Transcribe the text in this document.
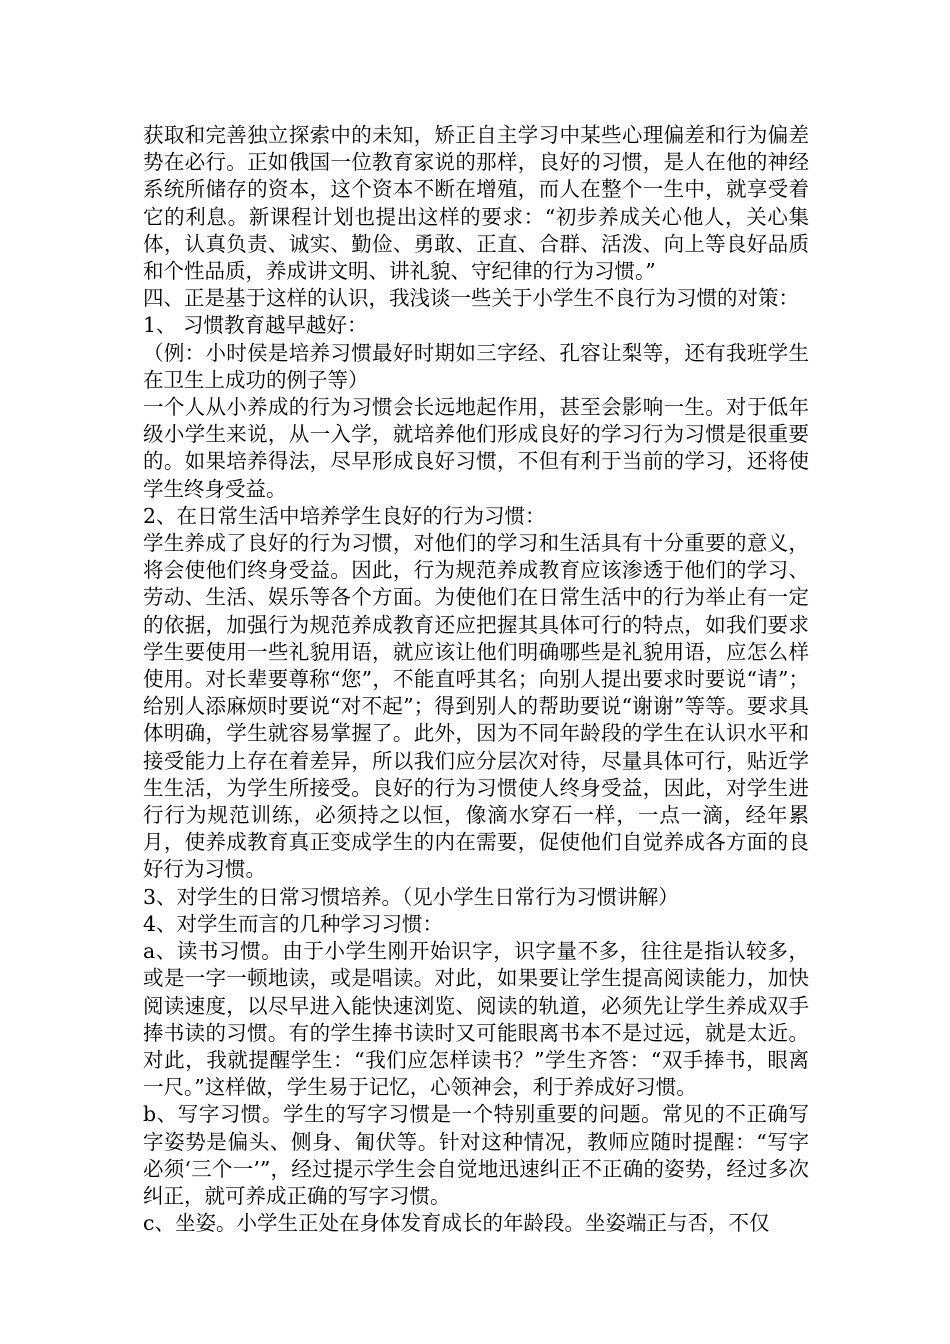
获取和完善独立探索中的未知，矫正自主学习中某些心理偏差和行为偏差势在必行。正如俄国一位教育家说的那样，良好的习惯，是人在他的神经系统所储存的资本，这个资本不断在增殖，而人在整个一生中，就享受着它的利息。新课程计划也提出这样的要求：“初步养成关心他人，关心集体，认真负责、诚实、勤俭、勇敢、正直、合群、活泼、向上等良好品质和个性品质，养成讲文明、讲礼貌、守纪律的行为习惯。”

四、正是基于这样的认识，我浅谈一些关于小学生不良行为习惯的对策：

1、 习惯教育越早越好：

（例：小时侯是培养习惯最好时期如三字经、孔容让梨等，还有我班学生在卫生上成功的例子等）

一个人从小养成的行为习惯会长远地起作用，甚至会影响一生。对于低年级小学生来说，从一入学，就培养他们形成良好的学习行为习惯是很重要的。如果培养得法，尽早形成良好习惯，不但有利于当前的学习，还将使学生终身受益。

2、在日常生活中培养学生良好的行为习惯：

学生养成了良好的行为习惯，对他们的学习和生活具有十分重要的意义，将会使他们终身受益。因此，行为规范养成教育应该渗透于他们的学习、劳动、生活、娱乐等各个方面。为使他们在日常生活中的行为举止有一定的依据，加强行为规范养成教育还应把握其具体可行的特点，如我们要求学生要使用一些礼貌用语，就应该让他们明确哪些是礼貌用语，应怎么样使用。对长辈要尊称“您”，不能直呼其名；向别人提出要求时要说“请”；给别人添麻烦时要说“对不起”；得到别人的帮助要说“谢谢”等等。要求具体明确，学生就容易掌握了。此外，因为不同年龄段的学生在认识水平和接受能力上存在着差异，所以我们应分层次对待，尽量具体可行，贴近学生生活，为学生所接受。良好的行为习惯使人终身受益，因此，对学生进行行为规范训练，必须持之以恒，像滴水穿石一样，一点一滴，经年累月，使养成教育真正变成学生的内在需要，促使他们自觉养成各方面的良好行为习惯。

3、对学生的日常习惯培养。（见小学生日常行为习惯讲解）

4、对学生而言的几种学习习惯：

a、读书习惯。由于小学生刚开始识字，识字量不多，往往是指认较多，或是一字一顿地读，或是唱读。对此，如果要让学生提高阅读能力，加快阅读速度，以尽早进入能快速浏览、阅读的轨道，必须先让学生养成双手捧书读的习惯。有的学生捧书读时又可能眼离书本不是过远，就是太近。对此，我就提醒学生：“我们应怎样读书？”学生齐答：“双手捧书，眼离一尺。”这样做，学生易于记忆，心领神会，利于养成好习惯。

b、写字习惯。学生的写字习惯是一个特别重要的问题。常见的不正确写字姿势是偏头、侧身、匍伏等。针对这种情况，教师应随时提醒：“写字必须‘三个一’”，经过提示学生会自觉地迅速纠正不正确的姿势，经过多次纠正，就可养成正确的写字习惯。

c、坐姿。小学生正处在身体发育成长的年龄段。坐姿端正与否，不仅
